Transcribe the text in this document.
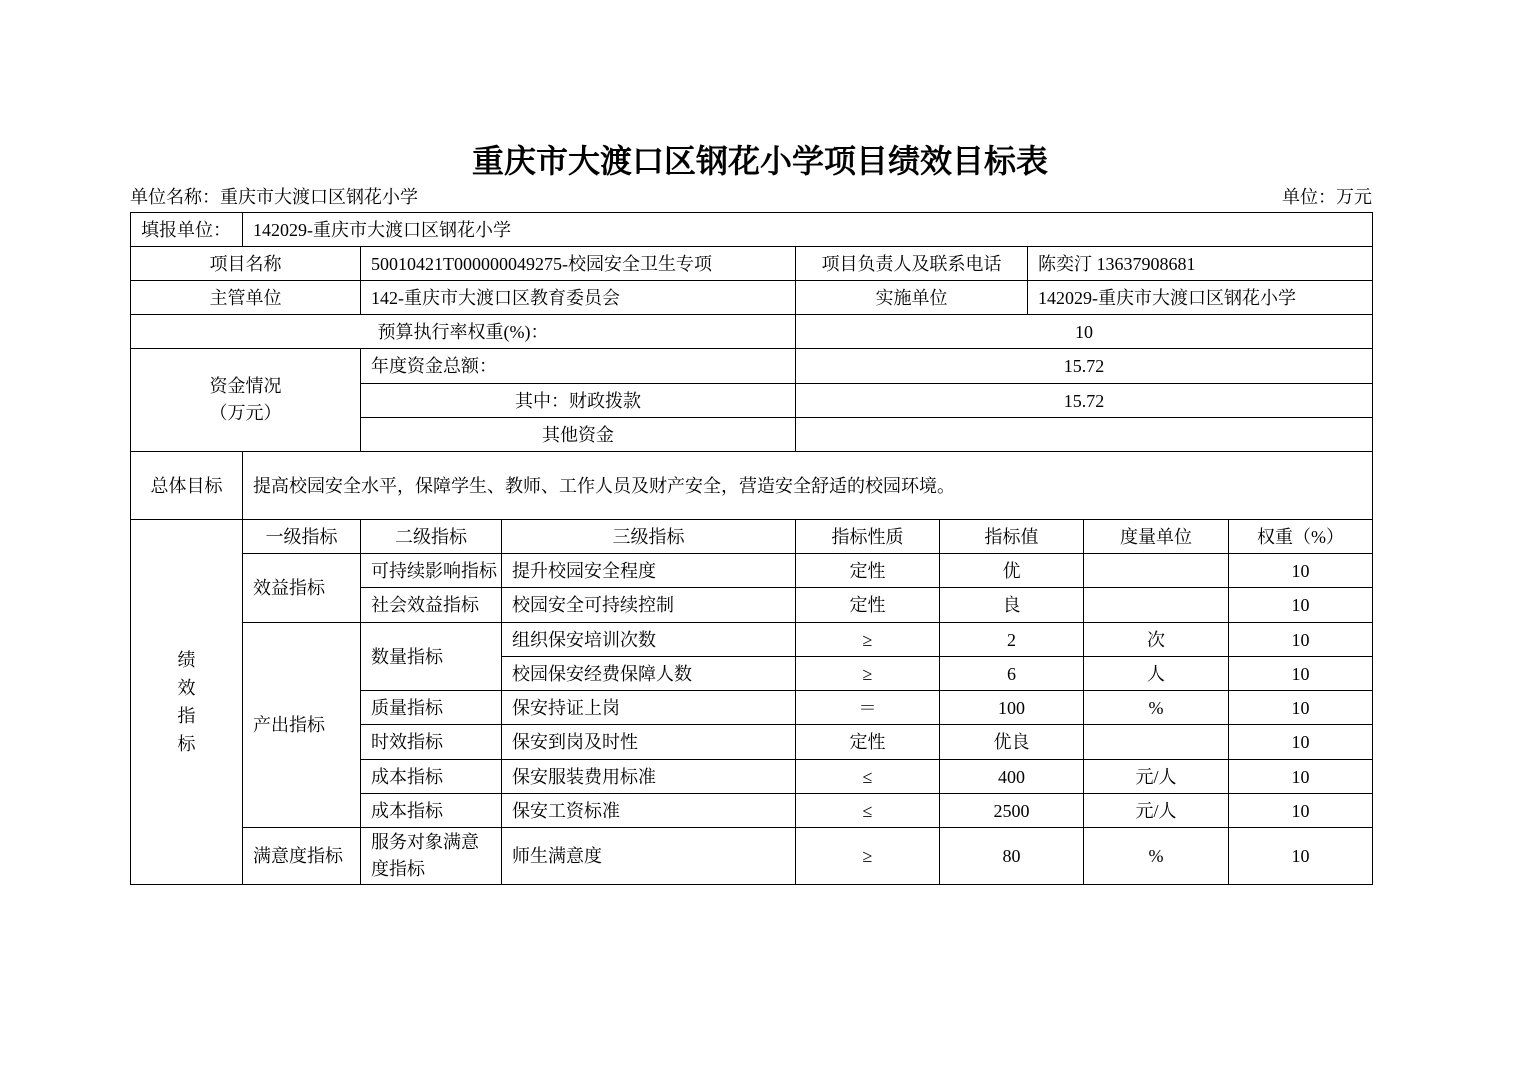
重庆市大渡口区钢花小学项目绩效目标表
单位名称：重庆市大渡口区钢花小学	单位：万元
填报单位：	142029-重庆市大渡口区钢花小学							
项目名称		50010421T000000049275-校园安全卫生专项		项目负责人及联系电话		陈奕汀 13637908681		
主管单位		142-重庆市大渡口区教育委员会		实施单位		142029-重庆市大渡口区钢花小学		
预算执行率权重(%)：				10				

资金情况
（万元）		年度资金总额：		15.72				
		其中：财政拨款		15.72				
		其他资金						
总体目标	提高校园安全水平，保障学生、教师、工作人员及财产安全，营造安全舒适的校园环境。							
绩效指标	一级指标	二级指标	三级指标	指标性质	指标值		度量单位	权重（%）
	效益指标	可持续影响指标	提升校园安全程度	定性	优			10
		社会效益指标	校园安全可持续控制	定性	良			10
	产出指标	数量指标	组织保安培训次数	≥	2		次	10
			校园保安经费保障人数	≥	6		人	10
		质量指标	保安持证上岗	＝	100		%	10
		时效指标	保安到岗及时性	定性	优良			10
		成本指标	保安服装费用标准	≤	400		元/人	10
		成本指标	保安工资标准	≤	2500		元/人	10
	满意度指标	服务对象满意度指标	师生满意度	≥	80		%	10
